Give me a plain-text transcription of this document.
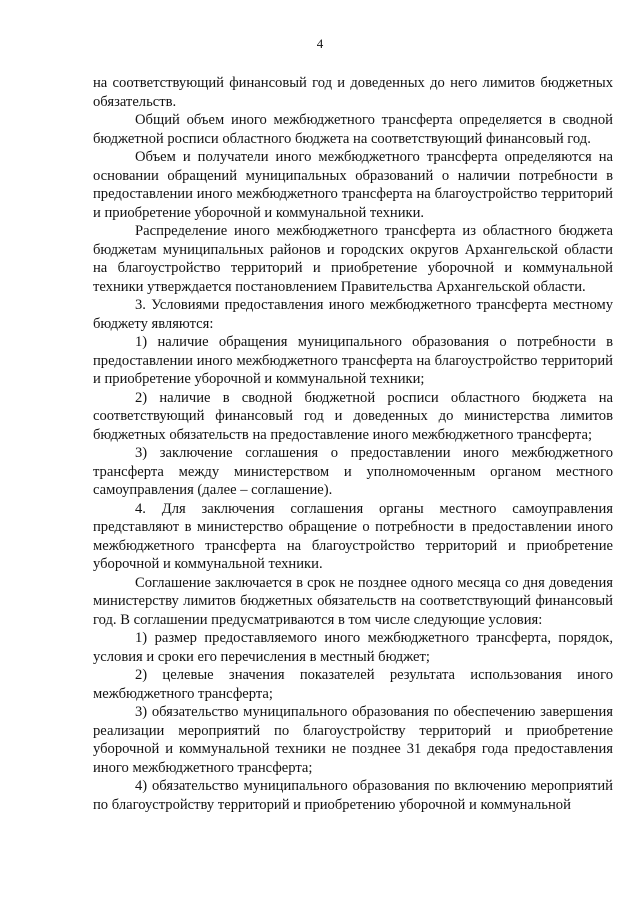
4

на соответствующий финансовый год и доведенных до него лимитов бюджетных обязательств.

Общий объем иного межбюджетного трансферта определяется в сводной бюджетной росписи областного бюджета на соответствующий финансовый год.

Объем и получатели иного межбюджетного трансферта определяются на основании обращений муниципальных образований о наличии потребности в предоставлении иного межбюджетного трансферта на благоустройство территорий и приобретение уборочной и коммунальной техники.

Распределение иного межбюджетного трансферта из областного бюджета бюджетам муниципальных районов и городских округов Архангельской области на благоустройство территорий и приобретение уборочной и коммунальной техники утверждается постановлением Правительства Архангельской области.

3. Условиями предоставления иного межбюджетного трансферта местному бюджету являются:

1) наличие обращения муниципального образования о потребности в предоставлении иного межбюджетного трансферта на благоустройство территорий и приобретение уборочной и коммунальной техники;

2) наличие в сводной бюджетной росписи областного бюджета на соответствующий финансовый год и доведенных до министерства лимитов бюджетных обязательств на предоставление иного межбюджетного трансферта;

3) заключение соглашения о предоставлении иного межбюджетного трансферта между министерством и уполномоченным органом местного самоуправления (далее – соглашение).

4. Для заключения соглашения органы местного самоуправления представляют в министерство обращение о потребности в предоставлении иного межбюджетного трансферта на благоустройство территорий и приобретение уборочной и коммунальной техники.

Соглашение заключается в срок не позднее одного месяца со дня доведения министерству лимитов бюджетных обязательств на соответствующий финансовый год. В соглашении предусматриваются в том числе следующие условия:

1) размер предоставляемого иного межбюджетного трансферта, порядок, условия и сроки его перечисления в местный бюджет;

2) целевые значения показателей результата использования иного межбюджетного трансферта;

3) обязательство муниципального образования по обеспечению завершения реализации мероприятий по благоустройству территорий и приобретение уборочной и коммунальной техники не позднее 31 декабря года предоставления иного межбюджетного трансферта;

4) обязательство муниципального образования по включению мероприятий по благоустройству территорий и приобретению уборочной и коммунальной
